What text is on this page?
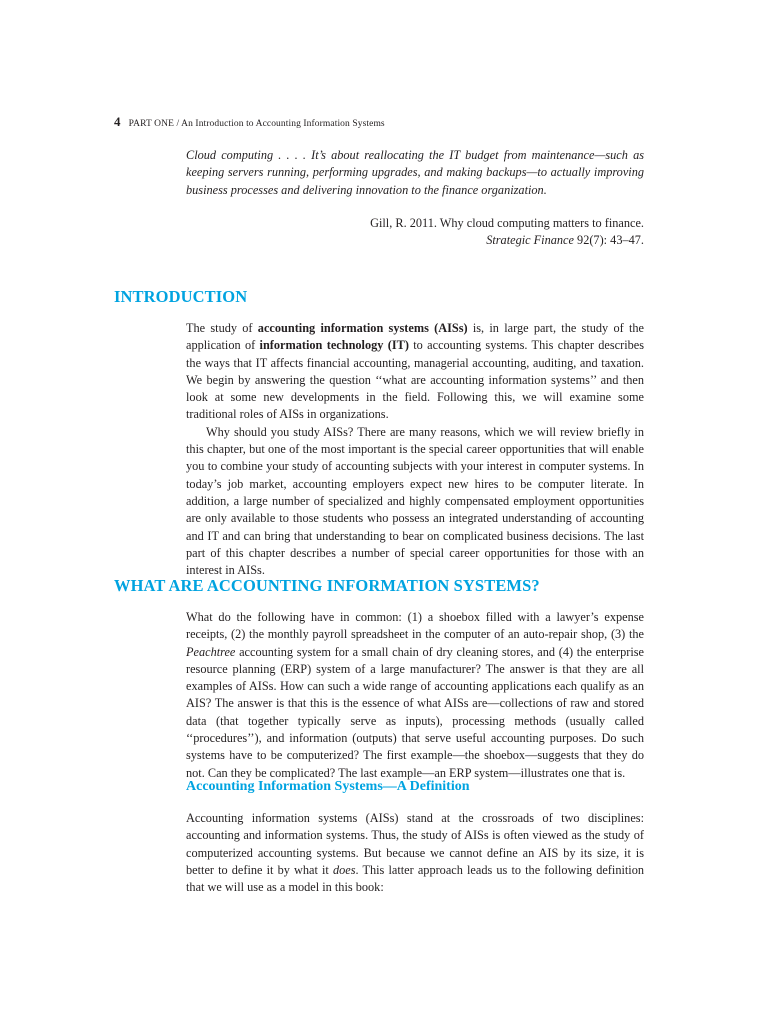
4 PART ONE / An Introduction to Accounting Information Systems
Cloud computing . . . . It’s about reallocating the IT budget from maintenance—such as keeping servers running, performing upgrades, and making backups—to actually improving business processes and delivering innovation to the finance organization.
Gill, R. 2011. Why cloud computing matters to finance.
Strategic Finance 92(7): 43–47.
INTRODUCTION

The study of accounting information systems (AISs) is, in large part, the study of the application of information technology (IT) to accounting systems. This chapter describes the ways that IT affects financial accounting, managerial accounting, auditing, and taxation. We begin by answering the question ‘‘what are accounting information systems’’ and then look at some new developments in the field. Following this, we will examine some traditional roles of AISs in organizations.

Why should you study AISs? There are many reasons, which we will review briefly in this chapter, but one of the most important is the special career opportunities that will enable you to combine your study of accounting subjects with your interest in computer systems. In today’s job market, accounting employers expect new hires to be computer literate. In addition, a large number of specialized and highly compensated employment opportunities are only available to those students who possess an integrated understanding of accounting and IT and can bring that understanding to bear on complicated business decisions. The last part of this chapter describes a number of special career opportunities for those with an interest in AISs.

WHAT ARE ACCOUNTING INFORMATION SYSTEMS?

What do the following have in common: (1) a shoebox filled with a lawyer’s expense receipts, (2) the monthly payroll spreadsheet in the computer of an auto-repair shop, (3) the Peachtree accounting system for a small chain of dry cleaning stores, and (4) the enterprise resource planning (ERP) system of a large manufacturer? The answer is that they are all examples of AISs. How can such a wide range of accounting applications each qualify as an AIS? The answer is that this is the essence of what AISs are—collections of raw and stored data (that together typically serve as inputs), processing methods (usually called ‘‘procedures’’), and information (outputs) that serve useful accounting purposes. Do such systems have to be computerized? The first example—the shoebox—suggests that they do not. Can they be complicated? The last example—an ERP system—illustrates one that is.

Accounting Information Systems—A Definition

Accounting information systems (AISs) stand at the crossroads of two disciplines: accounting and information systems. Thus, the study of AISs is often viewed as the study of computerized accounting systems. But because we cannot define an AIS by its size, it is better to define it by what it does. This latter approach leads us to the following definition that we will use as a model in this book:
